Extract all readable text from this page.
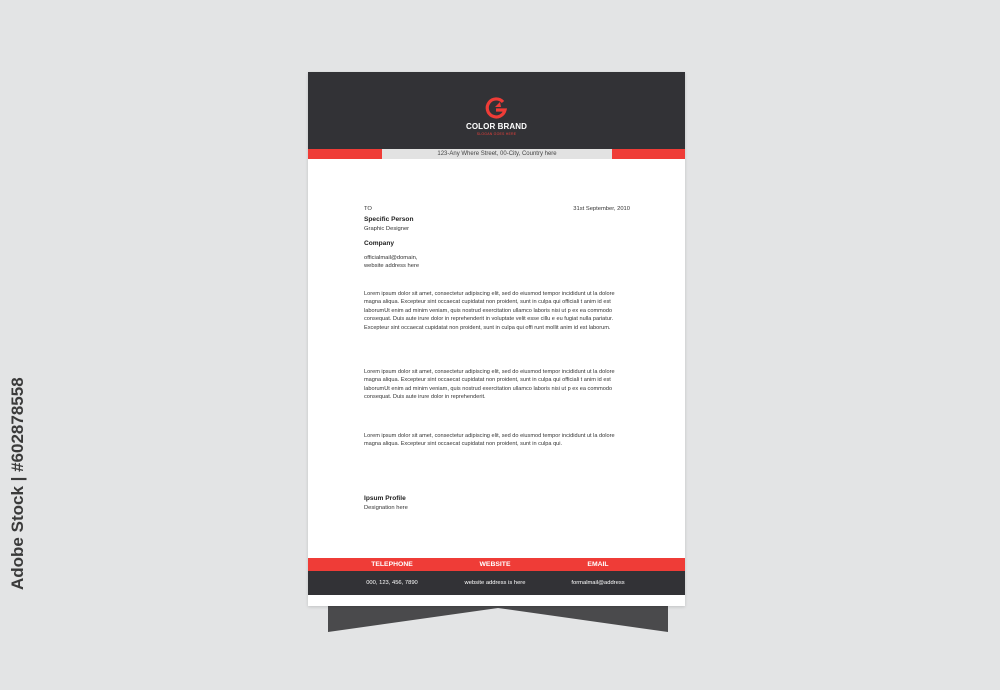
Adobe Stock | #602878558
COLOR BRAND
SLOGAN GOES HERE
123-Any Where Street, 00-City, Country here
TO	31st September, 2010
Specific Person
Graphic Designer
Company
officialmail@domain,
website address here
Lorem ipsum dolor sit amet, consectetur adipiscing elit, sed do eiusmod tempor incididunt ut la dolore magna aliqua. Excepteur sint occaecat cupidatat non proident, sunt in culpa qui officiali t anim id est laborumUt enim ad minim veniam, quis nostrud exercitation ullamco laboris nisi ut p ex ea commodo consequat. Duis aute irure dolor in reprehenderit in voluptate velit esse cillu e eu fugiat nulla pariatur. Excepteur sint occaecat cupidatat non proident, sunt in culpa qui offi runt mollit anim id est laborum.
Lorem ipsum dolor sit amet, consectetur adipiscing elit, sed do eiusmod tempor incididunt ut la dolore magna aliqua. Excepteur sint occaecat cupidatat non proident, sunt in culpa qui officiali t anim id est laborumUt enim ad minim veniam, quis nostrud exercitation ullamco laboris nisi ut p ex ea commodo consequat. Duis aute irure dolor in reprehenderit.
Lorem ipsum dolor sit amet, consectetur adipiscing elit, sed do eiusmod tempor incididunt ut la dolore magna aliqua. Excepteur sint occaecat cupidatat non proident, sunt in culpa qui.
Ipsum Profile
Designation here
TELEPHONE	WEBSITE	EMAIL
000, 123, 456, 7890	website address is here	formalmail@address
